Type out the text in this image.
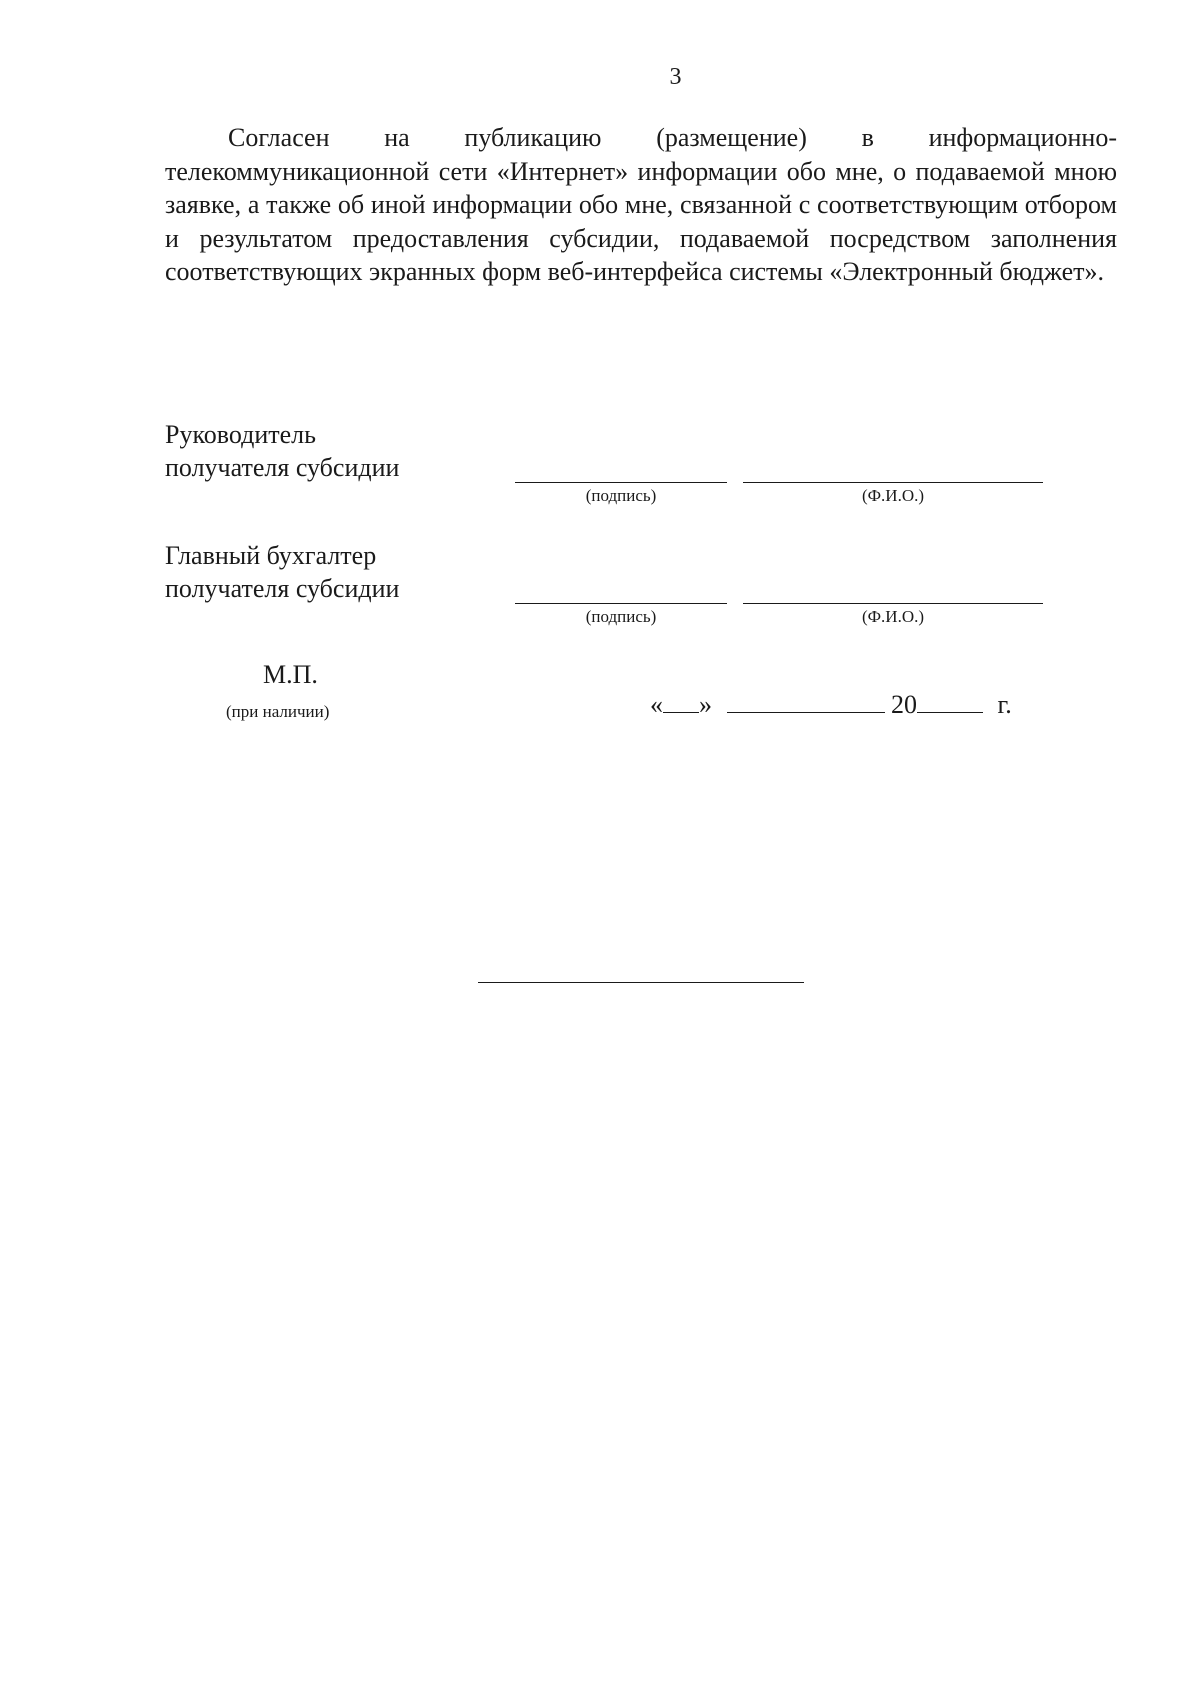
3

Согласен на публикацию (размещение) в информационно-телекоммуникационной сети «Интернет» информации обо мне, о подаваемой мною заявке, а также об иной информации обо мне, связанной с соответствующим отбором и результатом предоставления субсидии, подаваемой посредством заполнения соответствующих экранных форм веб-интерфейса системы «Электронный бюджет».

Руководитель
получателя субсидии
(подпись)	(Ф.И.О.)
Главный бухгалтер
получателя субсидии
(подпись)	(Ф.И.О.)
М.П.
(при наличии)	« »	20	г.
